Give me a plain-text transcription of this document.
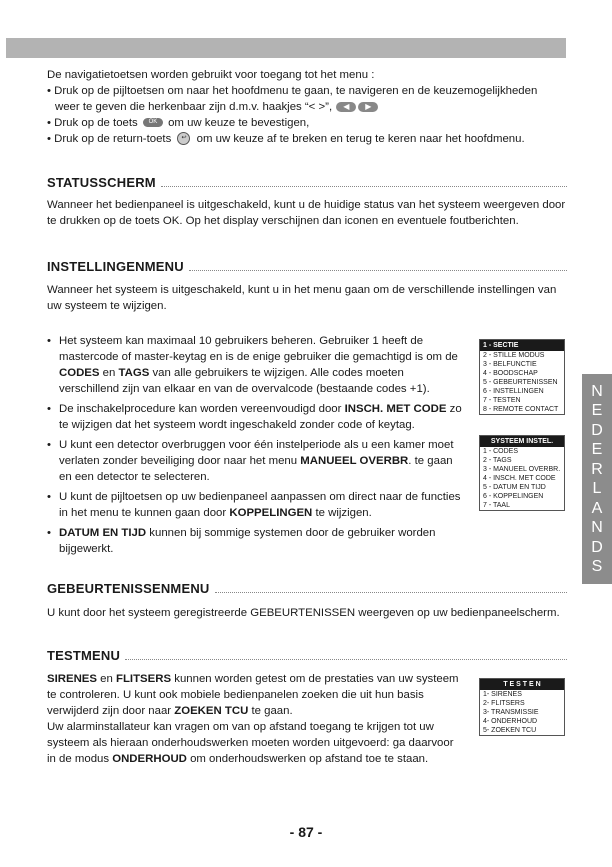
De navigatietoetsen worden gebruikt voor toegang tot het menu :

• Druk op de pijltoetsen om naar het hoofdmenu te gaan, te navigeren en de keuzemogelijkheden

weer te geven die herkenbaar zijn d.m.v. haakjes “< >”, ◀ ▶

• Druk op de toets OK	om uw keuze te bevestigen,

• Druk op de return-toets ↩ om uw keuze af te breken en terug te keren naar het hoofdmenu.

STATUSSCHERM
Wanneer het bedienpaneel is uitgeschakeld, kunt u de huidige status van het systeem weergeven door te drukken op de toets OK. Op het display verschijnen dan iconen en eventuele foutberichten.
INSTELLINGENMENU
Wanneer het systeem is uitgeschakeld, kunt u in het menu gaan om de verschillende instellingen van uw systeem te wijzigen.
• Het systeem kan maximaal 10 gebruikers beheren. Gebruiker 1 heeft de mastercode of master-keytag en is de enige gebruiker die gemachtigd is om de CODES en TAGS van alle gebruikers te wijzigen. Alle codes moeten verschillend zijn van elkaar en van de overvalcode (bestaande codes +1).
• De inschakelprocedure kan worden vereenvoudigd door INSCH. MET CODE zo te wijzigen dat het systeem wordt ingeschakeld zonder code of keytag.
• U kunt een detector overbruggen voor één instelperiode als u een kamer moet verlaten zonder beveiliging door naar het menu MANUEEL OVERBR. te gaan en een detector te selecteren.
• U kunt de pijltoetsen op uw bedienpaneel aanpassen om direct naar de functies in het menu te kunnen gaan door KOPPELINGEN te wijzigen.
• DATUM EN TIJD kunnen bij sommige systemen door de gebruiker worden bijgewerkt.
1 - SECTIE
2 - STILLE MODUS
3 - BELFUNCTIE
4 - BOODSCHAP
5 - GEBEURTENISSEN
6 - INSTELLINGEN
7 - TESTEN
8 - REMOTE CONTACT
SYSTEEM INSTEL.
1 - CODES
2 - TAGS
3 - MANUEEL OVERBR.
4 - INSCH. MET CODE
5 - DATUM EN TIJD
6 - KOPPELINGEN
7 - TAAL
N
E
D
E
R
L
A
N
D
S
GEBEURTENISSENMENU
U kunt door het systeem geregistreerde GEBEURTENISSEN weergeven op uw bedienpaneelscherm.
TESTMENU

SIRENES en FLITSERS kunnen worden getest om de prestaties van uw systeem te controleren. U kunt ook mobiele bedienpanelen zoeken die uit hun basis verwijderd zijn door naar ZOEKEN TCU te gaan.

Uw alarminstallateur kan vragen om van op afstand toegang te krijgen tot uw systeem als hieraan onderhoudswerken moeten worden uitgevoerd: ga daarvoor in de modus ONDERHOUD om onderhoudswerken op afstand toe te staan.

T E S T E N
1- SIRENES
2- FLITSERS
3- TRANSMISSIE
4- ONDERHOUD
5- ZOEKEN TCU
- 87 -
